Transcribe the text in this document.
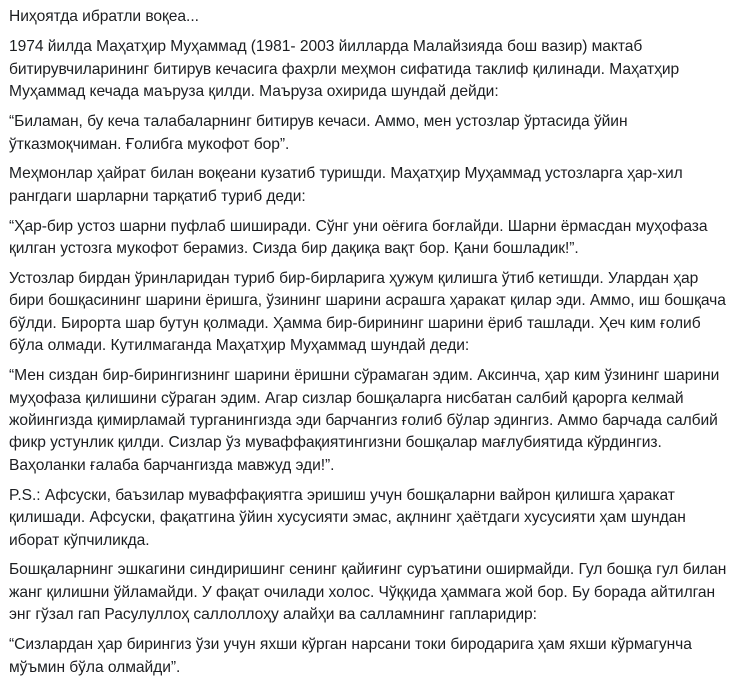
Ниҳоятда ибратли воқеа...

1974 йилда Маҳатҳир Муҳаммад (1981- 2003 йилларда Малайзияда бош вазир) мактаб битирувчиларининг битирув кечасига фахрли меҳмон сифатида таклиф қилинади. Маҳатҳир Муҳаммад кечада маъруза қилди. Маъруза охирида шундай дейди:

“Биламан, бу кеча талабаларнинг битирув кечаси. Аммо, мен устозлар ўртасида ўйин ўтказмоқчиман. Ғолибга мукофот бор”.

Меҳмонлар ҳайрат билан воқеани кузатиб туришди. Маҳатҳир Муҳаммад устозларга ҳар-хил рангдаги шарларни тарқатиб туриб деди:

“Ҳар-бир устоз шарни пуфлаб шиширади. Сўнг уни оёғига боғлайди. Шарни ёрмасдан муҳофаза қилган устозга мукофот берамиз. Сизда бир дақиқа вақт бор. Қани бошладик!”.

Устозлар бирдан ўринларидан туриб бир-бирларига ҳужум қилишга ўтиб кетишди. Улардан ҳар бири бошқасининг шарини ёришга, ўзининг шарини асрашга ҳаракат қилар эди. Аммо, иш бошқача бўлди. Бирорта шар бутун қолмади. Ҳамма бир-бирининг шарини ёриб ташлади. Ҳеч ким ғолиб бўла олмади. Кутилмаганда Маҳатҳир Муҳаммад шундай деди:

“Мен сиздан бир-бирингизнинг шарини ёришни сўрамаган эдим. Аксинча, ҳар ким ўзининг шарини муҳофаза қилишини сўраган эдим. Агар сизлар бошқаларга нисбатан салбий қарорга келмай жойингизда қимирламай турганингизда эди барчангиз ғолиб бўлар эдингиз. Аммо барчада салбий фикр устунлик қилди. Сизлар ўз муваффақиятингизни бошқалар мағлубиятида кўрдингиз. Ваҳоланки ғалаба барчангизда мавжуд эди!”.

P.S.: Афсуски, баъзилар муваффақиятга эришиш учун бошқаларни вайрон қилишга ҳаракат қилишади. Афсуски, фақатгина ўйин хусусияти эмас, ақлнинг ҳаётдаги хусусияти ҳам шундан иборат кўпчиликда.

Бошқаларнинг эшкагини синдиришинг сенинг қайиғинг суръатини оширмайди. Гул бошқа гул билан жанг қилишни ўйламайди. У фақат очилади холос. Чўққида ҳаммага жой бор. Бу борада айтилган энг гўзал гап Расулуллоҳ саллоллоҳу алайҳи ва салламнинг гапларидир:

“Сизлардан ҳар бирингиз ўзи учун яхши кўрган нарсани токи биродарига ҳам яхши кўрмагунча мўъмин бўла олмайди”.
